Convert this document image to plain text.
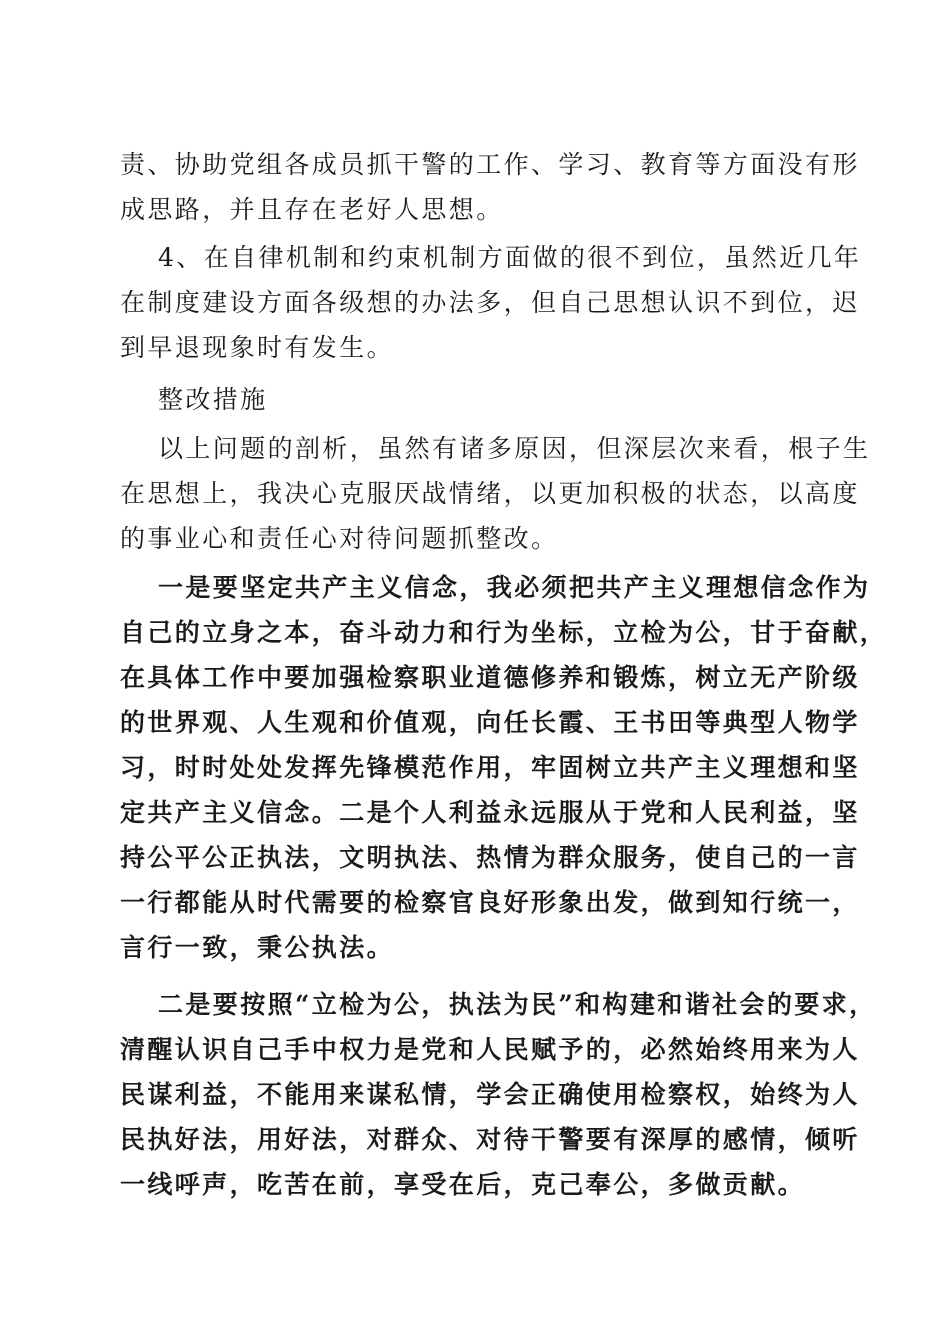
责、协助党组各成员抓干警的工作、学习、教育等方面没有形
成思路，并且存在老好人思想。
4、在自律机制和约束机制方面做的很不到位，虽然近几年
在制度建设方面各级想的办法多，但自己思想认识不到位，迟
到早退现象时有发生。
整改措施
以上问题的剖析，虽然有诸多原因，但深层次来看，根子生
在思想上，我决心克服厌战情绪，以更加积极的状态，以高度
的事业心和责任心对待问题抓整改。
一是要坚定共产主义信念，我必须把共产主义理想信念作为
自己的立身之本，奋斗动力和行为坐标，立检为公，甘于奋献，
在具体工作中要加强检察职业道德修养和锻炼，树立无产阶级
的世界观、人生观和价值观，向任长霞、王书田等典型人物学
习，时时处处发挥先锋模范作用，牢固树立共产主义理想和坚
定共产主义信念。二是个人利益永远服从于党和人民利益，坚
持公平公正执法，文明执法、热情为群众服务，使自己的一言
一行都能从时代需要的检察官良好形象出发，做到知行统一，
言行一致，秉公执法。
二是要按照“立检为公，执法为民”和构建和谐社会的要求，
清醒认识自己手中权力是党和人民赋予的，必然始终用来为人
民谋利益，不能用来谋私情，学会正确使用检察权，始终为人
民执好法，用好法，对群众、对待干警要有深厚的感情，倾听
一线呼声，吃苦在前，享受在后，克己奉公，多做贡献。
